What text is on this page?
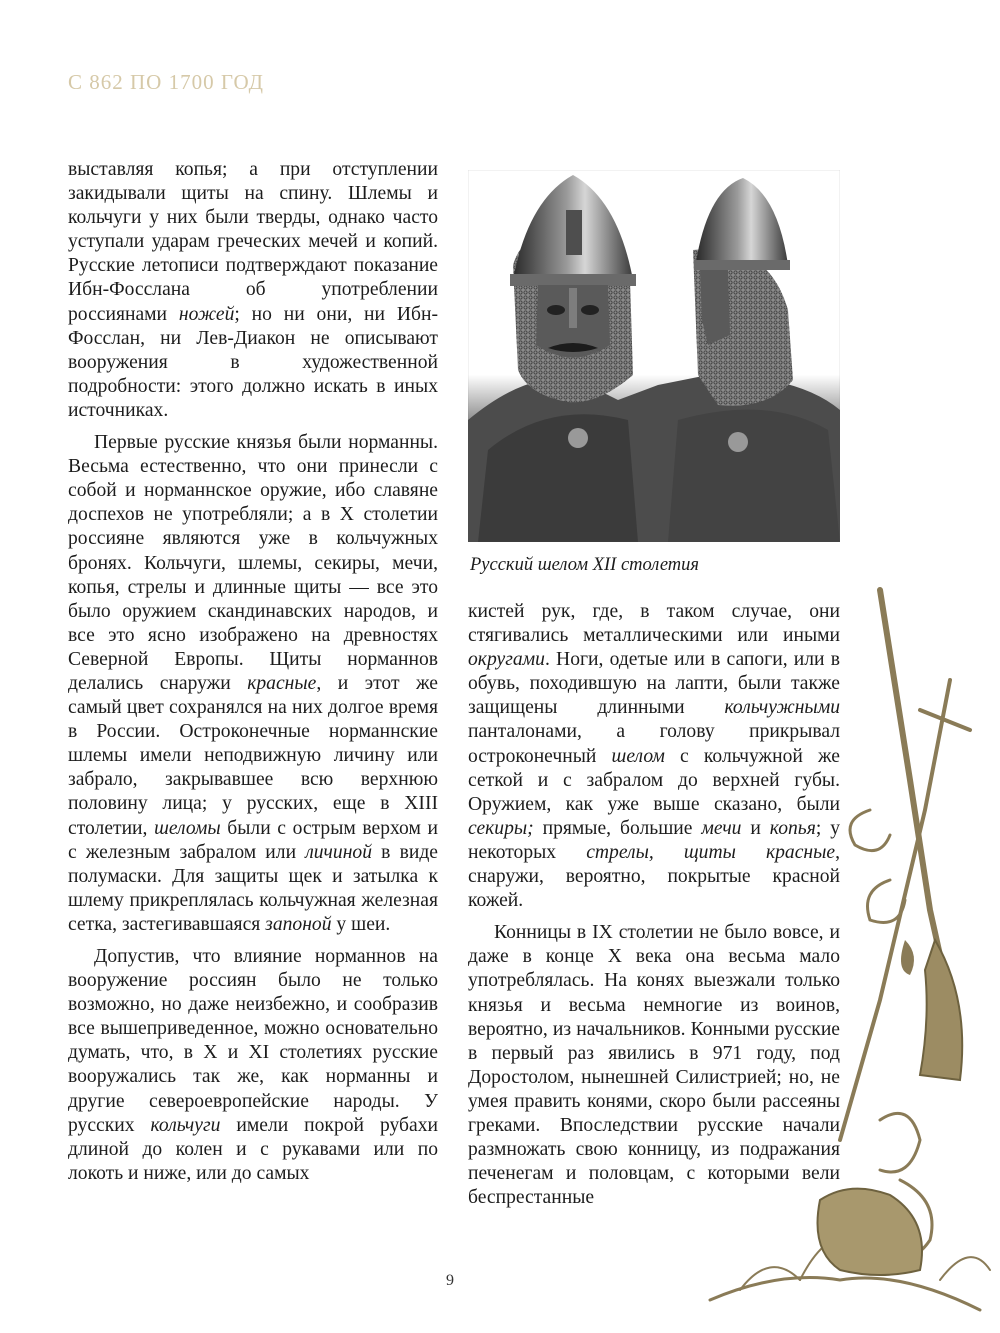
С 862 ПО 1700 ГОД

выставляя копья; а при отступлении закидывали щиты на спину. Шлемы и кольчуги у них были тверды, однако часто уступали ударам греческих мечей и копий. Русские летописи подтверждают показание Ибн-Фосслана об употреблении россиянами ножей; но ни они, ни Ибн-Фосслан, ни Лев-Диакон не описывают вооружения в художественной подробности: этого должно искать в иных источниках.

Первые русские князья были норманны. Весьма естественно, что они принесли с собой и норманнское оружие, ибо славяне доспехов не употребляли; а в X столетии россияне являются уже в кольчужных бронях. Кольчуги, шлемы, секиры, мечи, копья, стрелы и длинные щиты — все это было оружием скандинавских народов, и все это ясно изображено на древностях Северной Европы. Щиты норманнов делались снаружи красные, и этот же самый цвет сохранялся на них долгое время в России. Остроконечные норманнские шлемы имели неподвижную личину или забрало, закрывавшее всю верхнюю половину лица; у русских, еще в XIII столетии, шеломы были с острым верхом и с железным забралом или личиной в виде полумаски. Для защиты щек и затылка к шлему прикреплялась кольчужная железная сетка, застегивавшаяся запоной у шеи.

Допустив, что влияние норманнов на вооружение россиян было не только возможно, но даже неизбежно, и сообразив все вышеприведенное, можно основательно думать, что, в X и XI столетиях русские вооружались так же, как норманны и другие североевропейские народы. У русских кольчуги имели покрой рубахи длиной до колен и с рукавами или по локоть и ниже, или до самых

Русский шелом XII столетия

кистей рук, где, в таком случае, они стягивались металлическими или иными округами. Ноги, одетые или в сапоги, или в обувь, походившую на лапти, были также защищены длинными кольчужными панталонами, а голову прикрывал остроконечный шелом с кольчужной же сеткой и с забралом до верхней губы. Оружием, как уже выше сказано, были секиры; прямые, большие мечи и копья; у некоторых стрелы, щиты красные, снаружи, вероятно, покрытые красной кожей.

Конницы в IX столетии не было вовсе, и даже в конце X века она весьма мало употреблялась. На конях выезжали только князья и весьма немногие из воинов, вероятно, из начальников. Конными русские в первый раз явились в 971 году, под Доростолом, нынешней Силистрией; но, не умея править конями, скоро были рассеяны греками. Впоследствии русские начали размножать свою конницу, из подражания печенегам и половцам, с которыми вели беспрестанные

9
